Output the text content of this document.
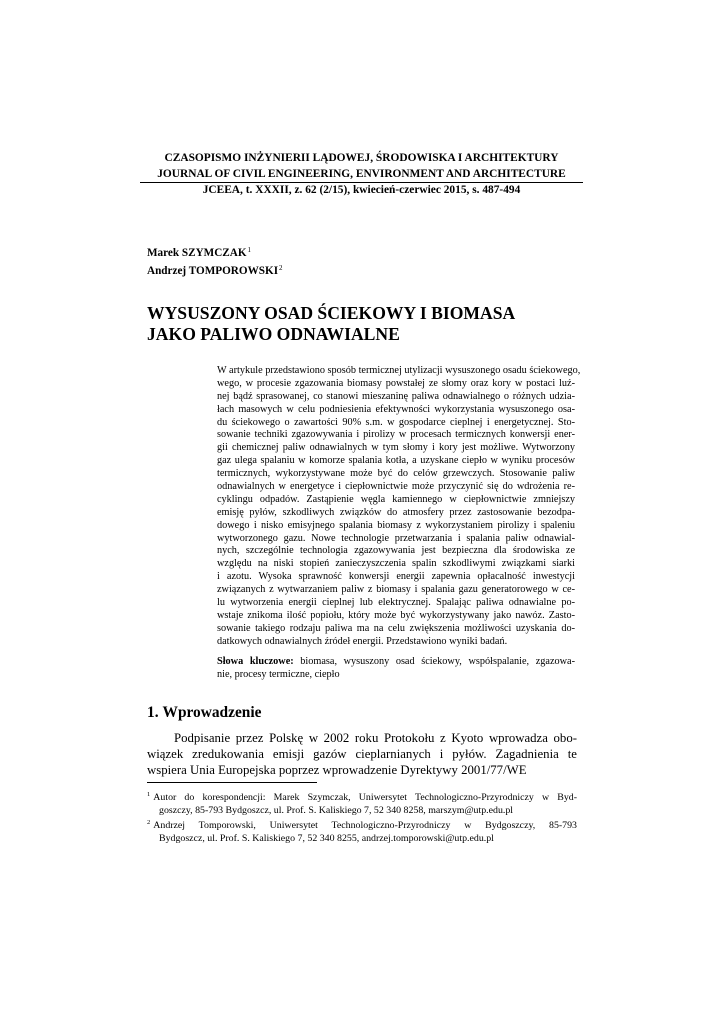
CZASOPISMO INŻYNIERII LĄDOWEJ, ŚRODOWISKA I ARCHITEKTURY
JOURNAL OF CIVIL ENGINEERING, ENVIRONMENT AND ARCHITECTURE
JCEEA, t. XXXII, z. 62 (2/15), kwiecień-czerwiec 2015, s. 487-494
Marek SZYMCZAK$^1$
Andrzej TOMPOROWSKI$^2$
WYSUSZONY OSAD ŚCIEKOWY I BIOMASA
JAKO PALIWO ODNAWIALNE
W artykule przedstawiono sposób termicznej utylizacji wysuszonego osadu ściekowego,
wego, w procesie zgazowania biomasy powstałej ze słomy oraz kory w postaci luź-
nej bądź sprasowanej, co stanowi mieszaninę paliwa odnawialnego o różnych udzia-
łach masowych w celu podniesienia efektywności wykorzystania wysuszonego osa-
du ściekowego o zawartości 90% s.m. w gospodarce cieplnej i energetycznej. Sto-
sowanie techniki zgazowywania i pirolizy w procesach termicznych konwersji ener-
gii chemicznej paliw odnawialnych w tym słomy i kory jest możliwe. Wytworzony
gaz ulega spalaniu w komorze spalania kotła, a uzyskane ciepło w wyniku procesów
termicznych, wykorzystywane może być do celów grzewczych. Stosowanie paliw
odnawialnych w energetyce i ciepłownictwie może przyczynić się do wdrożenia re-
cyklingu odpadów. Zastąpienie węgla kamiennego w ciepłownictwie zmniejszy
emisję pyłów, szkodliwych związków do atmosfery przez zastosowanie bezodpa-
dowego i nisko emisyjnego spalania biomasy z wykorzystaniem pirolizy i spaleniu
wytworzonego gazu. Nowe technologie przetwarzania i spalania paliw odnawial-
nych, szczególnie technologia zgazowywania jest bezpieczna dla środowiska ze
względu na niski stopień zanieczyszczenia spalin szkodliwymi związkami siarki
i azotu. Wysoka sprawność konwersji energii zapewnia opłacalność inwestycji
związanych z wytwarzaniem paliw z biomasy i spalania gazu generatorowego w ce-
lu wytworzenia energii cieplnej lub elektrycznej. Spalając paliwa odnawialne po-
wstaje znikoma ilość popiołu, który może być wykorzystywany jako nawóz. Zasto-
sowanie takiego rodzaju paliwa ma na celu zwiększenia możliwości uzyskania do-
datkowych odnawialnych źródeł energii. Przedstawiono wyniki badań.
Słowa kluczowe: biomasa, wysuszony osad ściekowy, współspalanie, zgazowa-
nie, procesy termiczne, ciepło
1. Wprowadzenie
Podpisanie przez Polskę w 2002 roku Protokołu z Kyoto wprowadza obo-
wiązek zredukowania emisji gazów cieplarnianych i pyłów. Zagadnienia te
wspiera Unia Europejska poprzez wprowadzenie Dyrektywy 2001/77/WE
$^1$ Autor do korespondencji: Marek Szymczak, Uniwersytet Technologiczno-Przyrodniczy w Byd-
goszczy, 85-793 Bydgoszcz, ul. Prof. S. Kaliskiego 7, 52 340 8258, marszym@utp.edu.pl
$^2$ Andrzej Tomporowski, Uniwersytet Technologiczno-Przyrodniczy w Bydgoszczy, 85-793
Bydgoszcz, ul. Prof. S. Kaliskiego 7, 52 340 8255, andrzej.tomporowski@utp.edu.pl
